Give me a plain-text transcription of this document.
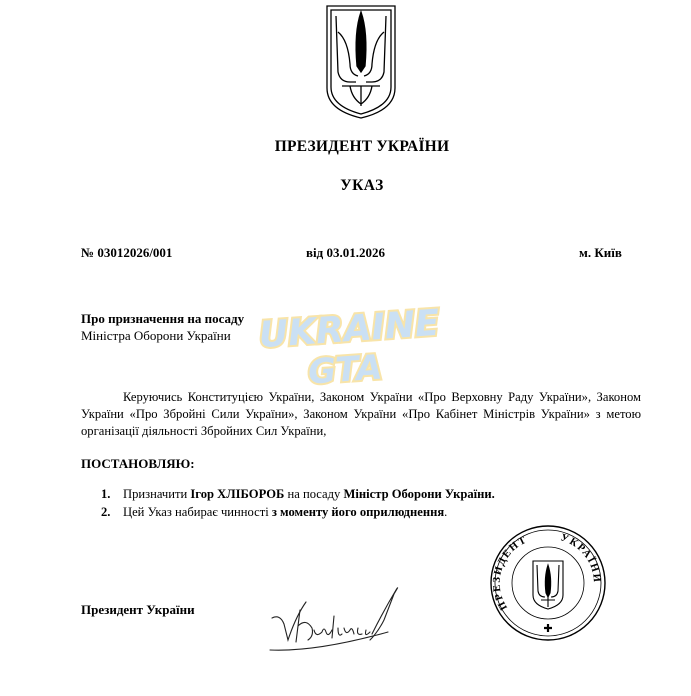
ПРЕЗИДЕНТ УКРАЇНИ
УКАЗ
№ 03012026/001	від 03.01.2026	м. Київ
Про призначення на посаду
Міністра Оборони України UKRAINE
GTA
Керуючись Конституцією України, Законом України «Про Верховну Раду України», Законом України «Про Збройні Сили України», Законом України «Про Кабінет Міністрів України» з метою організації діяльності Збройних Сил України,
ПОСТАНОВЛЯЮ:
1. Призначити Ігор ХЛІБОРОБ на посаду Міністр Оборони України.
2. Цей Указ набирає чинності з моменту його оприлюднення.
Президент України	ПРЕЗИДЕНТ	УКРАЇНИ
